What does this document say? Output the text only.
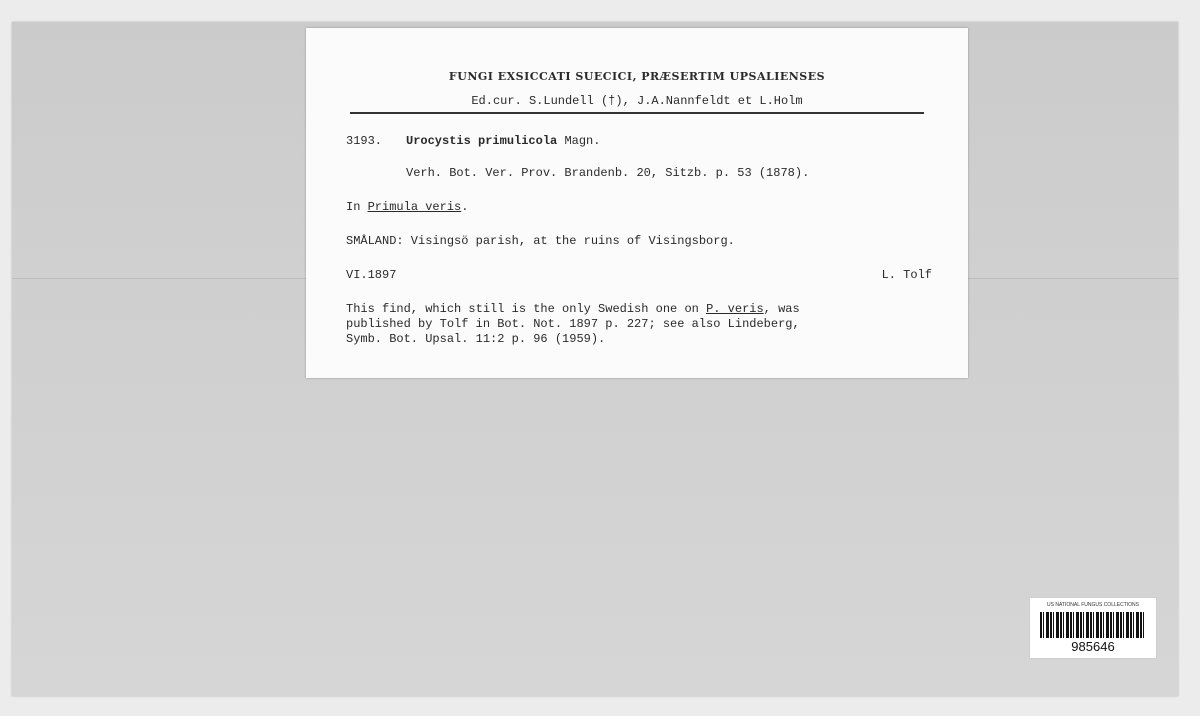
FUNGI EXSICCATI SUECICI, PRÆSERTIM UPSALIENSES
Ed.cur. S.Lundell (†), J.A.Nannfeldt et L.Holm
3193. Urocystis primulicola Magn.
Verh. Bot. Ver. Prov. Brandenb. 20, Sitzb. p. 53 (1878).
In Primula veris.
SMÅLAND: Visingsö parish, at the ruins of Visingsborg.
VI.1897	L. Tolf
This find, which still is the only Swedish one on P. veris, was
published by Tolf in Bot. Not. 1897 p. 227; see also Lindeberg,
Symb. Bot. Upsal. 11:2 p. 96 (1959).
US NATIONAL FUNGUS COLLECTIONS
985646
